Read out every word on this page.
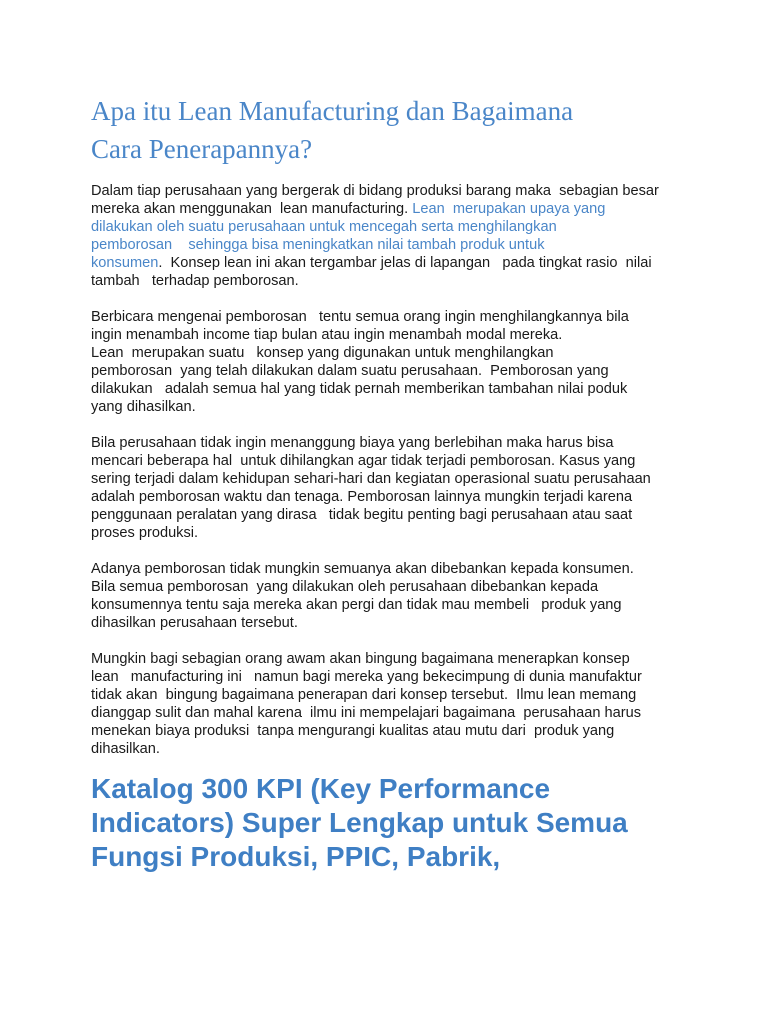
Apa itu Lean Manufacturing dan Bagaimana
Cara Penerapannya?
Dalam tiap perusahaan yang bergerak di bidang produksi barang maka  sebagian besar
mereka akan menggunakan  lean manufacturing. Lean  merupakan upaya yang
dilakukan oleh suatu perusahaan untuk mencegah serta menghilangkan
pemborosan    sehingga bisa meningkatkan nilai tambah produk untuk
konsumen.  Konsep lean ini akan tergambar jelas di lapangan   pada tingkat rasio  nilai
tambah   terhadap pemborosan.
Berbicara mengenai pemborosan   tentu semua orang ingin menghilangkannya bila
ingin menambah income tiap bulan atau ingin menambah modal mereka.
Lean  merupakan suatu   konsep yang digunakan untuk menghilangkan
pemborosan  yang telah dilakukan dalam suatu perusahaan.  Pemborosan yang
dilakukan   adalah semua hal yang tidak pernah memberikan tambahan nilai poduk
yang dihasilkan.
Bila perusahaan tidak ingin menanggung biaya yang berlebihan maka harus bisa
mencari beberapa hal  untuk dihilangkan agar tidak terjadi pemborosan. Kasus yang
sering terjadi dalam kehidupan sehari-hari dan kegiatan operasional suatu perusahaan
adalah pemborosan waktu dan tenaga. Pemborosan lainnya mungkin terjadi karena
penggunaan peralatan yang dirasa   tidak begitu penting bagi perusahaan atau saat
proses produksi.
Adanya pemborosan tidak mungkin semuanya akan dibebankan kepada konsumen.
Bila semua pemborosan  yang dilakukan oleh perusahaan dibebankan kepada
konsumennya tentu saja mereka akan pergi dan tidak mau membeli   produk yang
dihasilkan perusahaan tersebut.
Mungkin bagi sebagian orang awam akan bingung bagaimana menerapkan konsep
lean   manufacturing ini   namun bagi mereka yang bekecimpung di dunia manufaktur
tidak akan  bingung bagaimana penerapan dari konsep tersebut.  Ilmu lean memang
dianggap sulit dan mahal karena  ilmu ini mempelajari bagaimana  perusahaan harus
menekan biaya produksi  tanpa mengurangi kualitas atau mutu dari  produk yang
dihasilkan.
Katalog 300 KPI (Key Performance
Indicators) Super Lengkap untuk Semua
Fungsi Produksi, PPIC, Pabrik,
